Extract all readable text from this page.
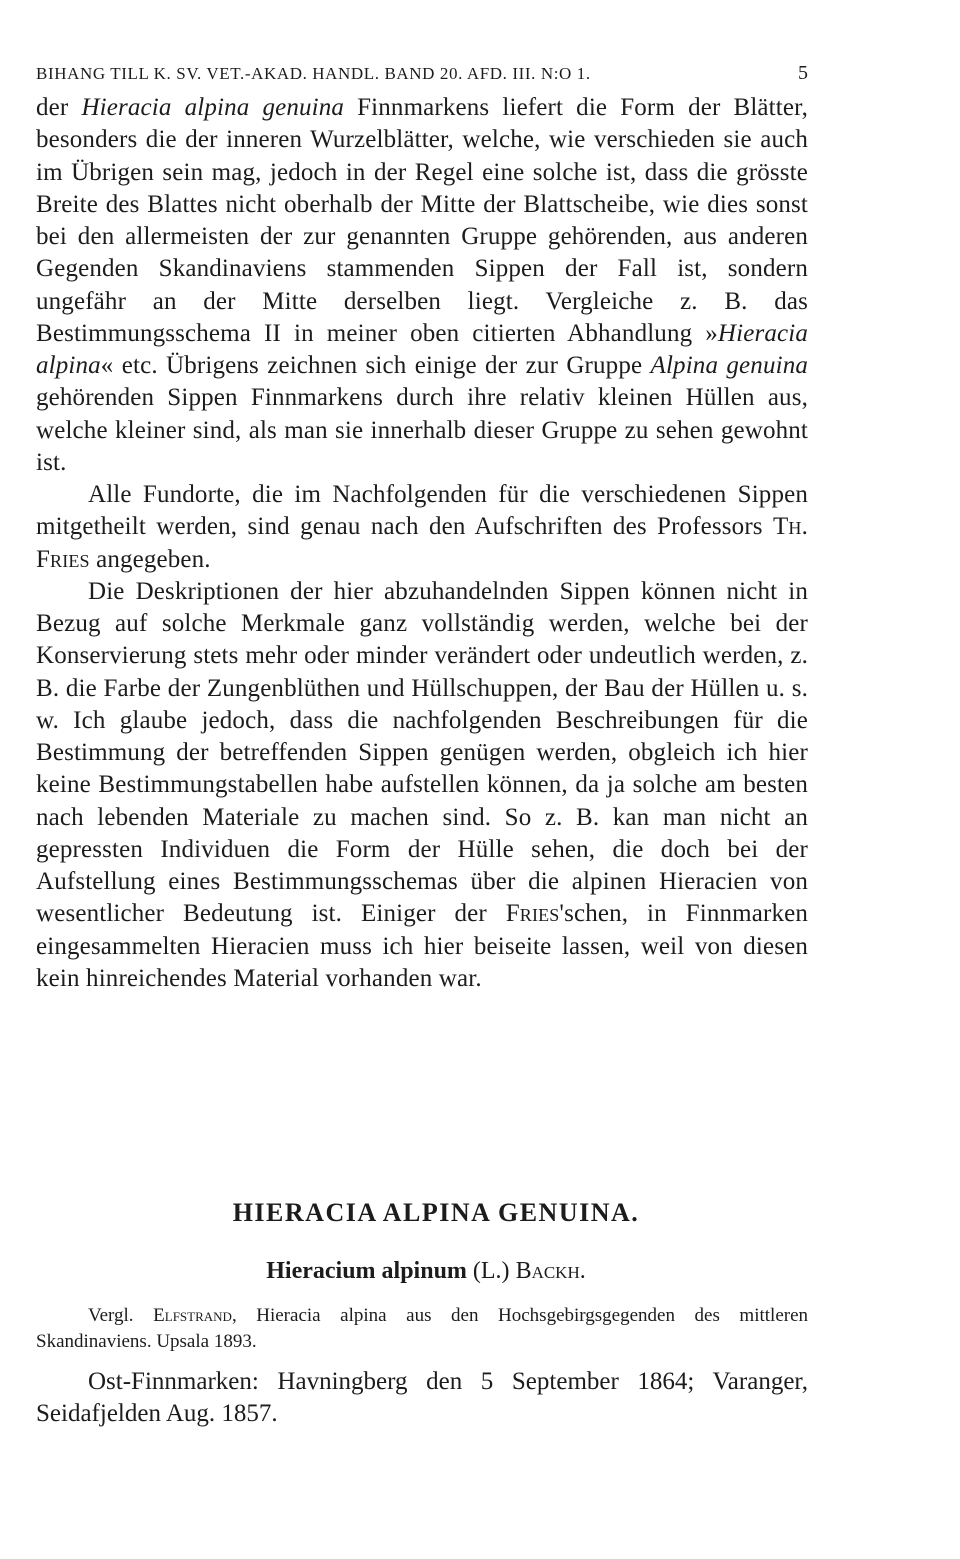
BIHANG TILL K. SV. VET.-AKAD. HANDL. BAND 20. AFD. III. N:O 1.	5

der Hieracia alpina genuina Finnmarkens liefert die Form der Blätter, besonders die der inneren Wurzelblätter, welche, wie verschieden sie auch im Übrigen sein mag, jedoch in der Regel eine solche ist, dass die grösste Breite des Blattes nicht oberhalb der Mitte der Blattscheibe, wie dies sonst bei den allermeisten der zur genannten Gruppe gehörenden, aus anderen Gegenden Skandinaviens stammenden Sippen der Fall ist, sondern ungefähr an der Mitte derselben liegt. Vergleiche z. B. das Bestimmungsschema II in meiner oben citierten Abhandlung »Hieracia alpina« etc. Übrigens zeichnen sich einige der zur Gruppe Alpina genuina gehörenden Sippen Finnmarkens durch ihre relativ kleinen Hüllen aus, welche kleiner sind, als man sie innerhalb dieser Gruppe zu sehen gewohnt ist.

Alle Fundorte, die im Nachfolgenden für die verschiedenen Sippen mitgetheilt werden, sind genau nach den Aufschriften des Professors Th. Fries angegeben.

Die Deskriptionen der hier abzuhandelnden Sippen können nicht in Bezug auf solche Merkmale ganz vollständig werden, welche bei der Konservierung stets mehr oder minder verändert oder undeutlich werden, z. B. die Farbe der Zungenblüthen und Hüllschuppen, der Bau der Hüllen u. s. w. Ich glaube jedoch, dass die nachfolgenden Beschreibungen für die Bestimmung der betreffenden Sippen genügen werden, obgleich ich hier keine Bestimmungstabellen habe aufstellen können, da ja solche am besten nach lebenden Materiale zu machen sind. So z. B. kan man nicht an gepressten Individuen die Form der Hülle sehen, die doch bei der Aufstellung eines Bestimmungsschemas über die alpinen Hieracien von wesentlicher Bedeutung ist. Einiger der Fries'schen, in Finnmarken eingesammelten Hieracien muss ich hier beiseite lassen, weil von diesen kein hinreichendes Material vorhanden war.

HIERACIA ALPINA GENUINA.

Hieracium alpinum (L.) Backh.

Vergl. Elfstrand, Hieracia alpina aus den Hochsgebirgsgegenden des mittleren Skandinaviens. Upsala 1893.

Ost-Finnmarken: Havningberg den 5 September 1864; Varanger, Seidafjelden Aug. 1857.
